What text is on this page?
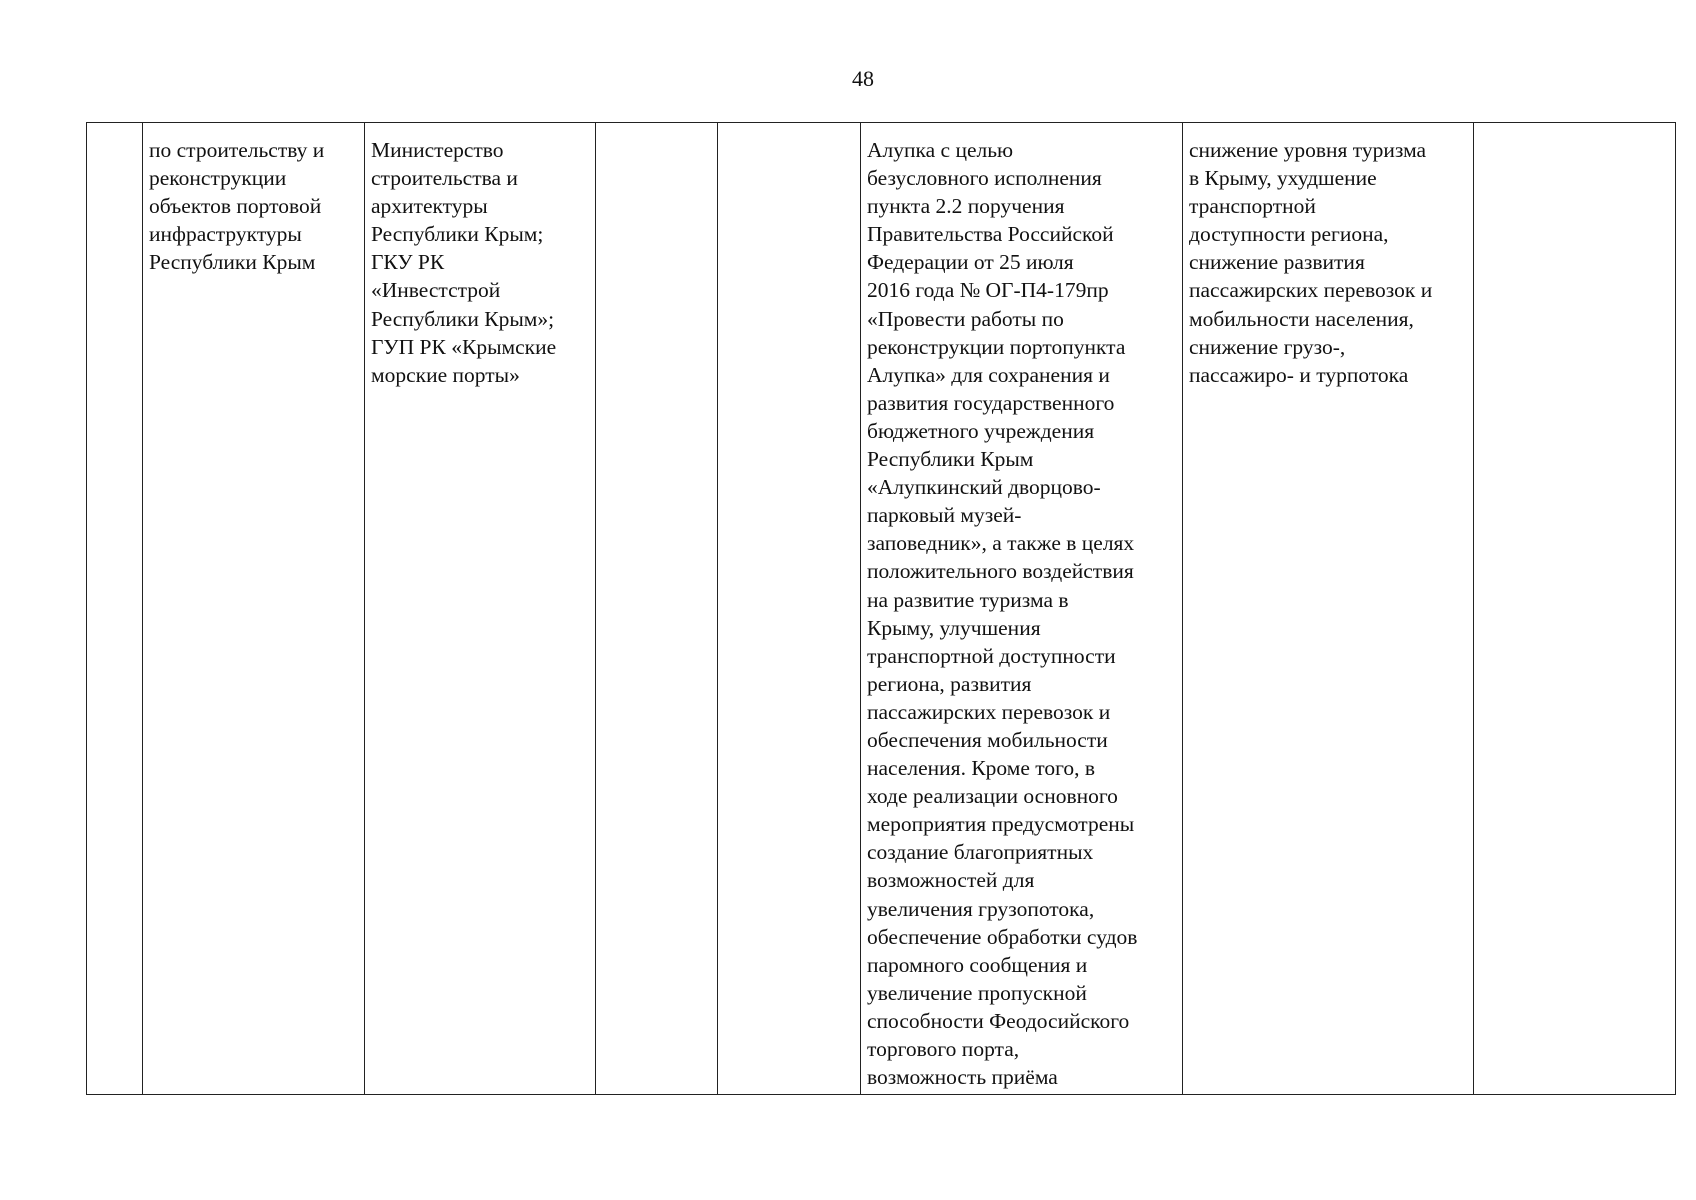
48
	по строительству и
реконструкции
объектов портовой
инфраструктуры
Республики Крым	Министерство
строительства и
архитектуры
Республики Крым;
ГКУ РК
«Инвестстрой
Республики Крым»;
ГУП РК «Крымские
морские порты»			Алупка с целью
безусловного исполнения
пункта 2.2 поручения
Правительства Российской
Федерации от 25 июля
2016 года № ОГ-П4-179пр
«Провести работы по
реконструкции портопункта
Алупка» для сохранения и
развития государственного
бюджетного учреждения
Республики Крым
«Алупкинский дворцово-
парковый музей-
заповедник», а также в целях
положительного воздействия
на развитие туризма в
Крыму, улучшения
транспортной доступности
региона, развития
пассажирских перевозок и
обеспечения мобильности
населения. Кроме того, в
ходе реализации основного
мероприятия предусмотрены
создание благоприятных
возможностей для
увеличения грузопотока,
обеспечение обработки судов
паромного сообщения и
увеличение пропускной
способности Феодосийского
торгового порта,
возможность приёма	снижение уровня туризма
в Крыму, ухудшение
транспортной
доступности региона,
снижение развития
пассажирских перевозок и
мобильности населения,
снижение грузо-,
пассажиро- и турпотока	
